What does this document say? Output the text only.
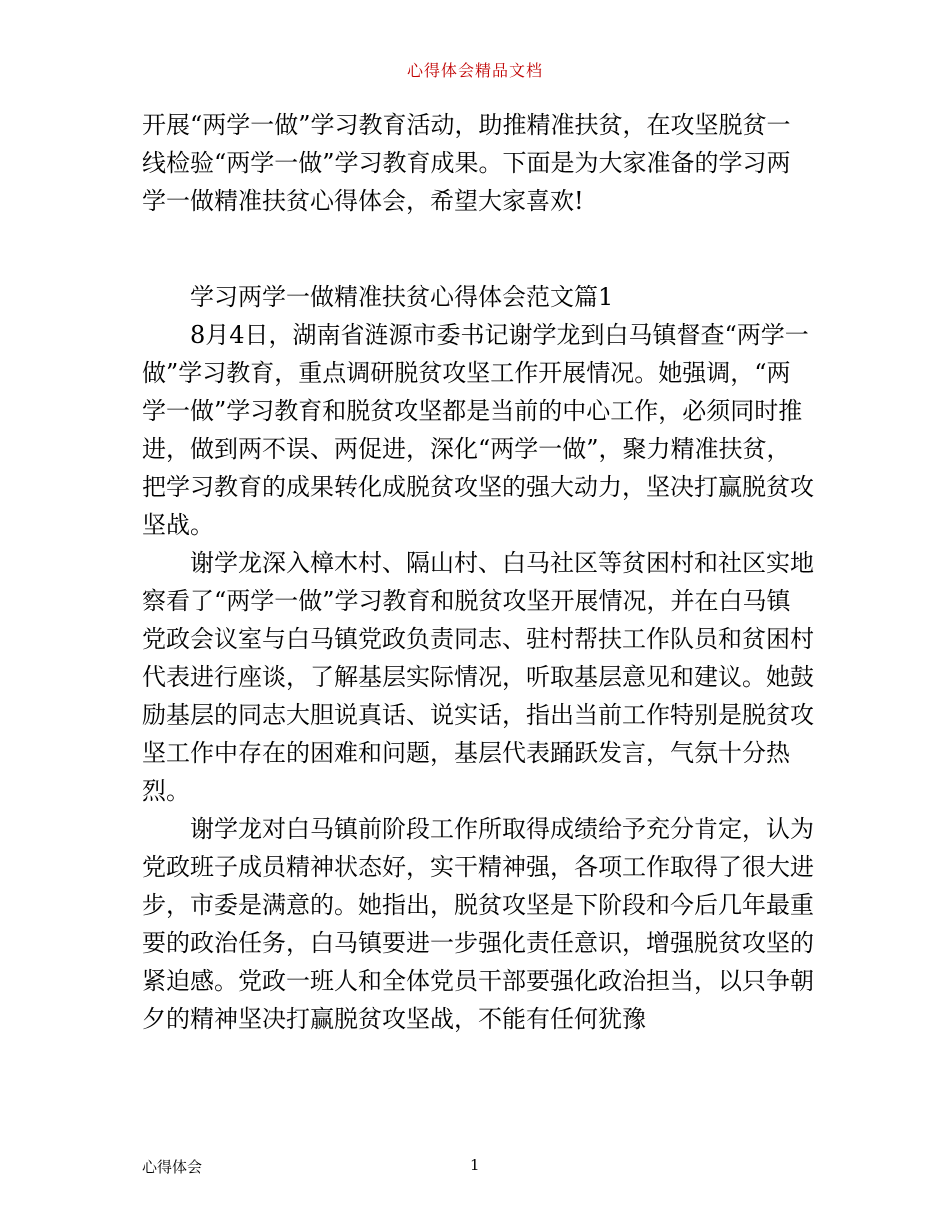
心得体会精品文档

开展“两学一做”学习教育活动，助推精准扶贫，在攻坚脱贫一线检验“两学一做”学习教育成果。下面是为大家准备的学习两学一做精准扶贫心得体会，希望大家喜欢!

学习两学一做精准扶贫心得体会范文篇1

8月4日，湖南省涟源市委书记谢学龙到白马镇督查“两学一做”学习教育，重点调研脱贫攻坚工作开展情况。她强调，“两学一做”学习教育和脱贫攻坚都是当前的中心工作，必须同时推进，做到两不误、两促进，深化“两学一做”，聚力精准扶贫，把学习教育的成果转化成脱贫攻坚的强大动力，坚决打赢脱贫攻坚战。

谢学龙深入樟木村、隔山村、白马社区等贫困村和社区实地察看了“两学一做”学习教育和脱贫攻坚开展情况，并在白马镇党政会议室与白马镇党政负责同志、驻村帮扶工作队员和贫困村代表进行座谈，了解基层实际情况，听取基层意见和建议。她鼓励基层的同志大胆说真话、说实话，指出当前工作特别是脱贫攻坚工作中存在的困难和问题，基层代表踊跃发言，气氛十分热烈。

谢学龙对白马镇前阶段工作所取得成绩给予充分肯定，认为党政班子成员精神状态好，实干精神强，各项工作取得了很大进步，市委是满意的。她指出，脱贫攻坚是下阶段和今后几年最重要的政治任务，白马镇要进一步强化责任意识，增强脱贫攻坚的紧迫感。党政一班人和全体党员干部要强化政治担当，以只争朝夕的精神坚决打赢脱贫攻坚战，不能有任何犹豫

心得体会	1
